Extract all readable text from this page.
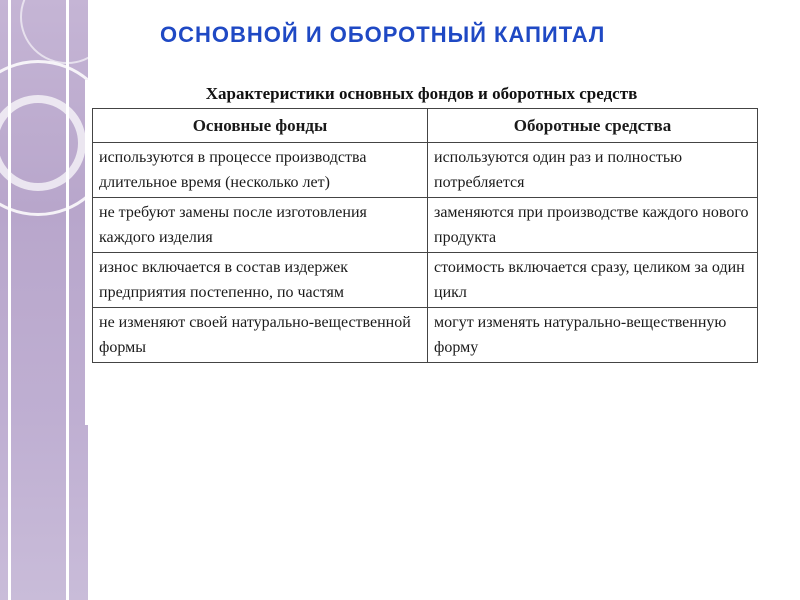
ОСНОВНОЙ И ОБОРОТНЫЙ КАПИТАЛ
Характеристики основных фондов и оборотных средств
Основные фонды	Оборотные средства
используются в процессе производства длительное время (несколько лет)	используются один раз и полностью потребляется
не требуют замены после изготовления каждого изделия	заменяются при производстве каждого нового продукта
износ включается в состав издержек предприятия постепенно, по частям	стоимость включается сразу, целиком за один цикл
не изменяют своей натурально-вещественной формы	могут изменять натурально-вещественную форму
